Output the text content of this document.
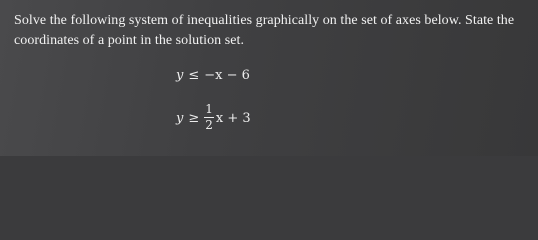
Solve the following system of inequalities graphically on the set of axes below. State the coordinates of a point in the solution set.
y ≤ −x − 6
$y \ge \frac{1}{2}$ x + 3
